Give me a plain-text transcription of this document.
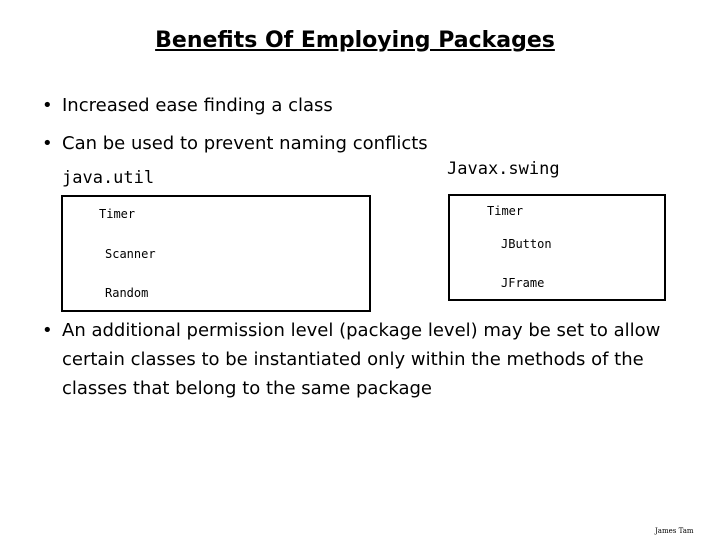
Benefits Of Employing Packages
• Increased ease finding a class
• Can be used to prevent naming conflicts
java.util
Timer
Scanner
Random
Javax.swing
Timer
JButton
JFrame
• An additional permission level (package level) may be set to allow certain classes to be instantiated only within the methods of the classes that belong to the same package
James Tam
